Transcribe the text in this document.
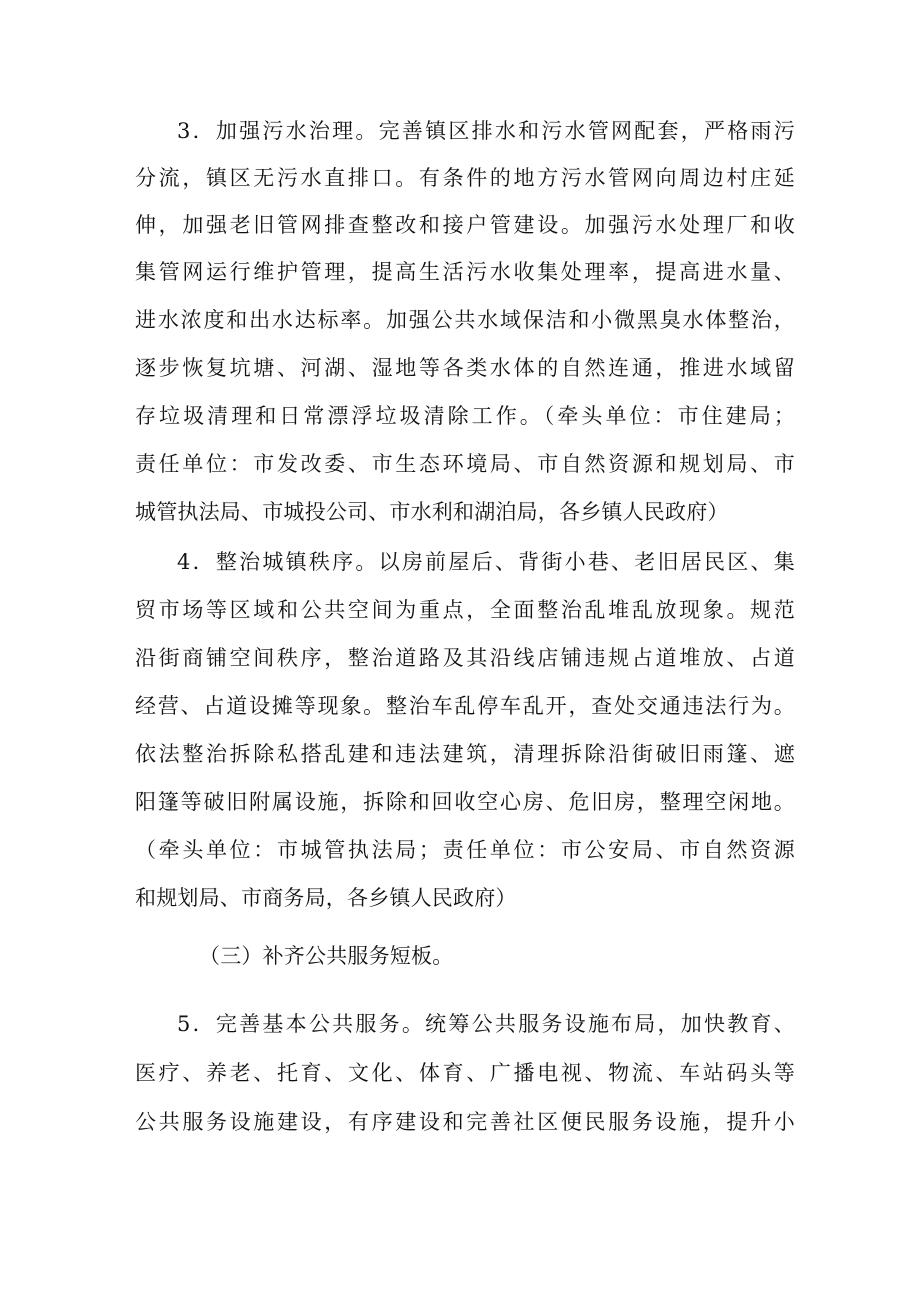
3．加强污水治理。完善镇区排水和污水管网配套，严格雨污
分流，镇区无污水直排口。有条件的地方污水管网向周边村庄延
伸，加强老旧管网排查整改和接户管建设。加强污水处理厂和收
集管网运行维护管理，提高生活污水收集处理率，提高进水量、
进水浓度和出水达标率。加强公共水域保洁和小微黑臭水体整治，
逐步恢复坑塘、河湖、湿地等各类水体的自然连通，推进水域留
存垃圾清理和日常漂浮垃圾清除工作。（牵头单位：市住建局；
责任单位：市发改委、市生态环境局、市自然资源和规划局、市
城管执法局、市城投公司、市水利和湖泊局，各乡镇人民政府）
4．整治城镇秩序。以房前屋后、背街小巷、老旧居民区、集
贸市场等区域和公共空间为重点，全面整治乱堆乱放现象。规范
沿街商铺空间秩序，整治道路及其沿线店铺违规占道堆放、占道
经营、占道设摊等现象。整治车乱停车乱开，查处交通违法行为。
依法整治拆除私搭乱建和违法建筑，清理拆除沿街破旧雨篷、遮
阳篷等破旧附属设施，拆除和回收空心房、危旧房，整理空闲地。
（牵头单位：市城管执法局；责任单位：市公安局、市自然资源
和规划局、市商务局，各乡镇人民政府）
（三）补齐公共服务短板。
5．完善基本公共服务。统筹公共服务设施布局，加快教育、
医疗、养老、托育、文化、体育、广播电视、物流、车站码头等
公共服务设施建设，有序建设和完善社区便民服务设施，提升小
